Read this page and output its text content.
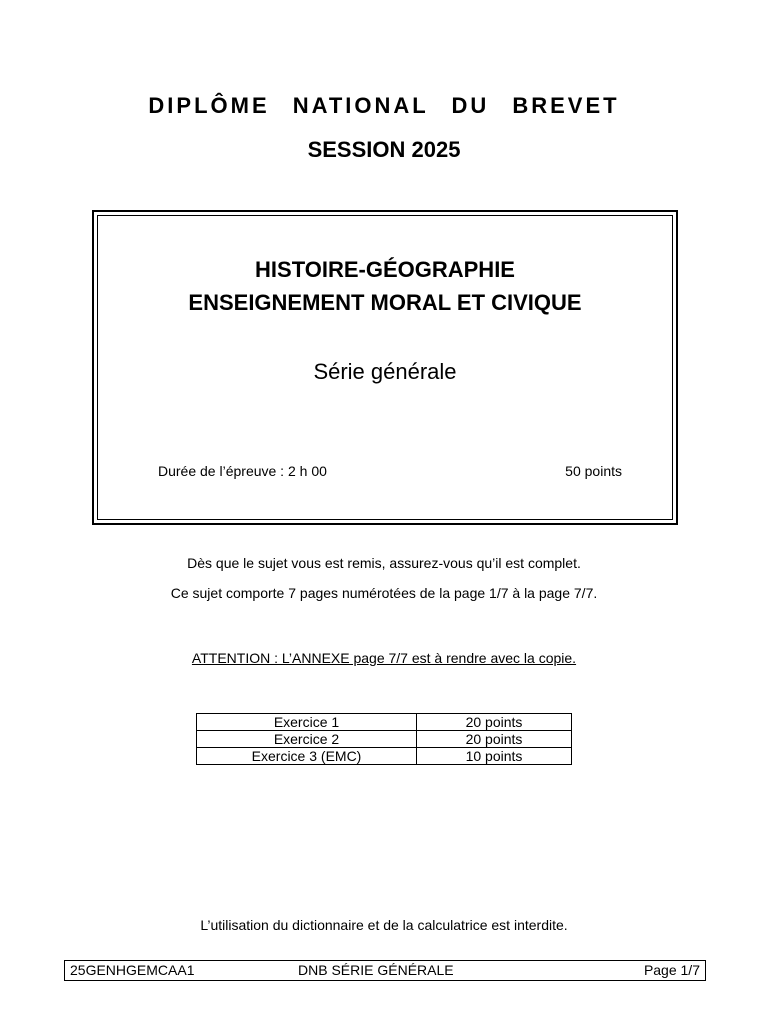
DIPLÔME NATIONAL DU BREVET
SESSION 2025
HISTOIRE-GÉOGRAPHIE
ENSEIGNEMENT MORAL ET CIVIQUE
Série générale
Durée de l’épreuve : 2 h 00	50 points
Dès que le sujet vous est remis, assurez-vous qu’il est complet.
Ce sujet comporte 7 pages numérotées de la page 1/7 à la page 7/7.
ATTENTION : L’ANNEXE page 7/7 est à rendre avec la copie.
Exercice 1	20 points
Exercice 2	20 points
Exercice 3 (EMC)	10 points
L’utilisation du dictionnaire et de la calculatrice est interdite.
25GENHGEMCAA1	DNB SÉRIE GÉNÉRALE	Page 1/7
